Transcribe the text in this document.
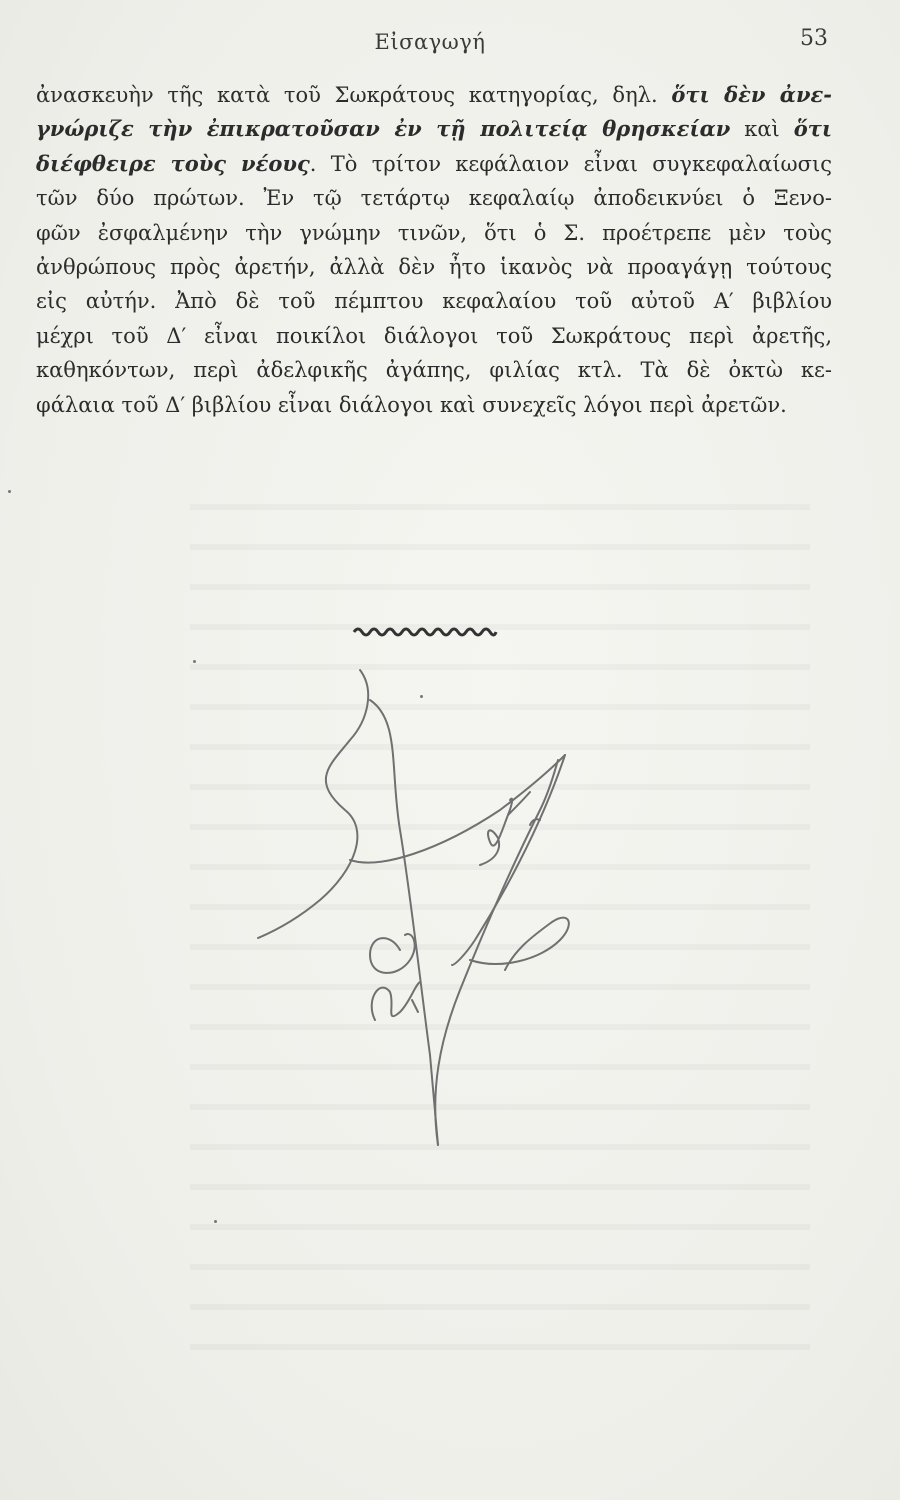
Εἰσαγωγή	53
ἀνασκευὴν τῆς κατὰ τοῦ Σωκράτους κατηγορίας, δηλ. ὅτι δὲν ἀνε-
γνώριζε τὴν ἐπικρατοῦσαν ἐν τῇ πολιτείᾳ θρησκείαν καὶ ὅτι
διέφθειρε τοὺς νέους. Τὸ τρίτον κεφάλαιον εἶναι συγκεφαλαίωσις
τῶν δύο πρώτων. Ἐν τῷ τετάρτῳ κεφαλαίῳ ἀποδεικνύει ὁ Ξενο-
φῶν ἐσφαλμένην τὴν γνώμην τινῶν, ὅτι ὁ Σ. προέτρεπε μὲν τοὺς
ἀνθρώπους πρὸς ἀρετήν, ἀλλὰ δὲν ἦτο ἱκανὸς νὰ προαγάγῃ τούτους
εἰς αὐτήν. Ἀπὸ δὲ τοῦ πέμπτου κεφαλαίου τοῦ αὐτοῦ Α′ βιβλίου
μέχρι τοῦ Δ′ εἶναι ποικίλοι διάλογοι τοῦ Σωκράτους περὶ ἀρετῆς,
καθηκόντων, περὶ ἀδελφικῆς ἀγάπης, φιλίας κτλ. Τὰ δὲ ὀκτὼ κε-
φάλαια τοῦ Δ′ βιβλίου εἶναι διάλογοι καὶ συνεχεῖς λόγοι περὶ ἀρετῶν.
